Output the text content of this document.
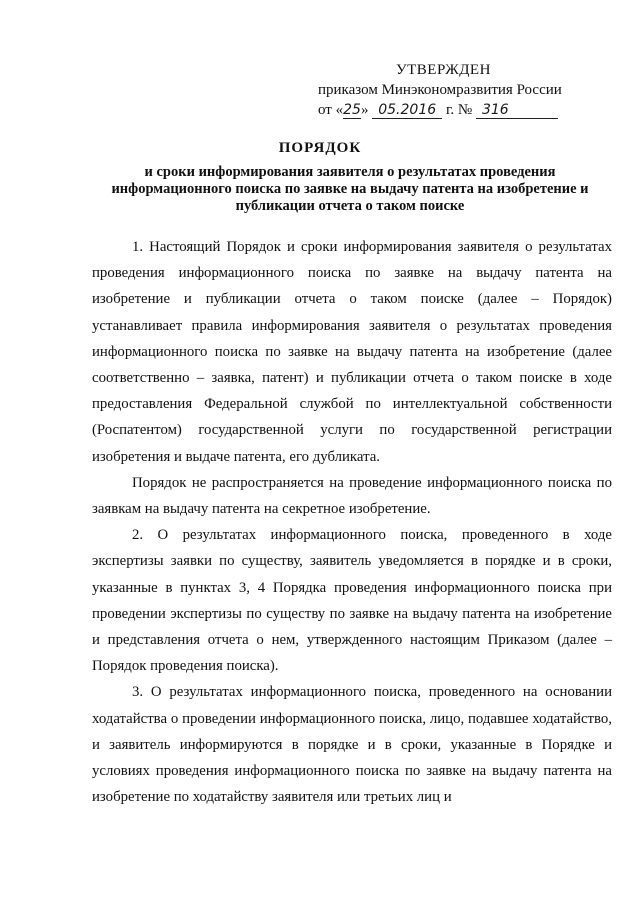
УТВЕРЖДЕН
приказом Минэкономразвития России
от «25» 05.2016 г. № 316
ПОРЯДОК
и сроки информирования заявителя о результатах проведения информационного поиска по заявке на выдачу патента на изобретение и публикации отчета о таком поиске

1. Настоящий Порядок и сроки информирования заявителя о результатах проведения информационного поиска по заявке на выдачу патента на изобретение и публикации отчета о таком поиске (далее – Порядок) устанавливает правила информирования заявителя о результатах проведения информационного поиска по заявке на выдачу патента на изобретение (далее соответственно – заявка, патент) и публикации отчета о таком поиске в ходе предоставления Федеральной службой по интеллектуальной собственности (Роспатентом) государственной услуги по государственной регистрации изобретения и выдаче патента, его дубликата.

Порядок не распространяется на проведение информационного поиска по заявкам на выдачу патента на секретное изобретение.

2. О результатах информационного поиска, проведенного в ходе экспертизы заявки по существу, заявитель уведомляется в порядке и в сроки, указанные в пунктах 3, 4 Порядка проведения информационного поиска при проведении экспертизы по существу по заявке на выдачу патента на изобретение и представления отчета о нем, утвержденного настоящим Приказом (далее – Порядок проведения поиска).

3. О результатах информационного поиска, проведенного на основании ходатайства о проведении информационного поиска, лицо, подавшее ходатайство, и заявитель информируются в порядке и в сроки, указанные в Порядке и условиях проведения информационного поиска по заявке на выдачу патента на изобретение по ходатайству заявителя или третьих лиц и
